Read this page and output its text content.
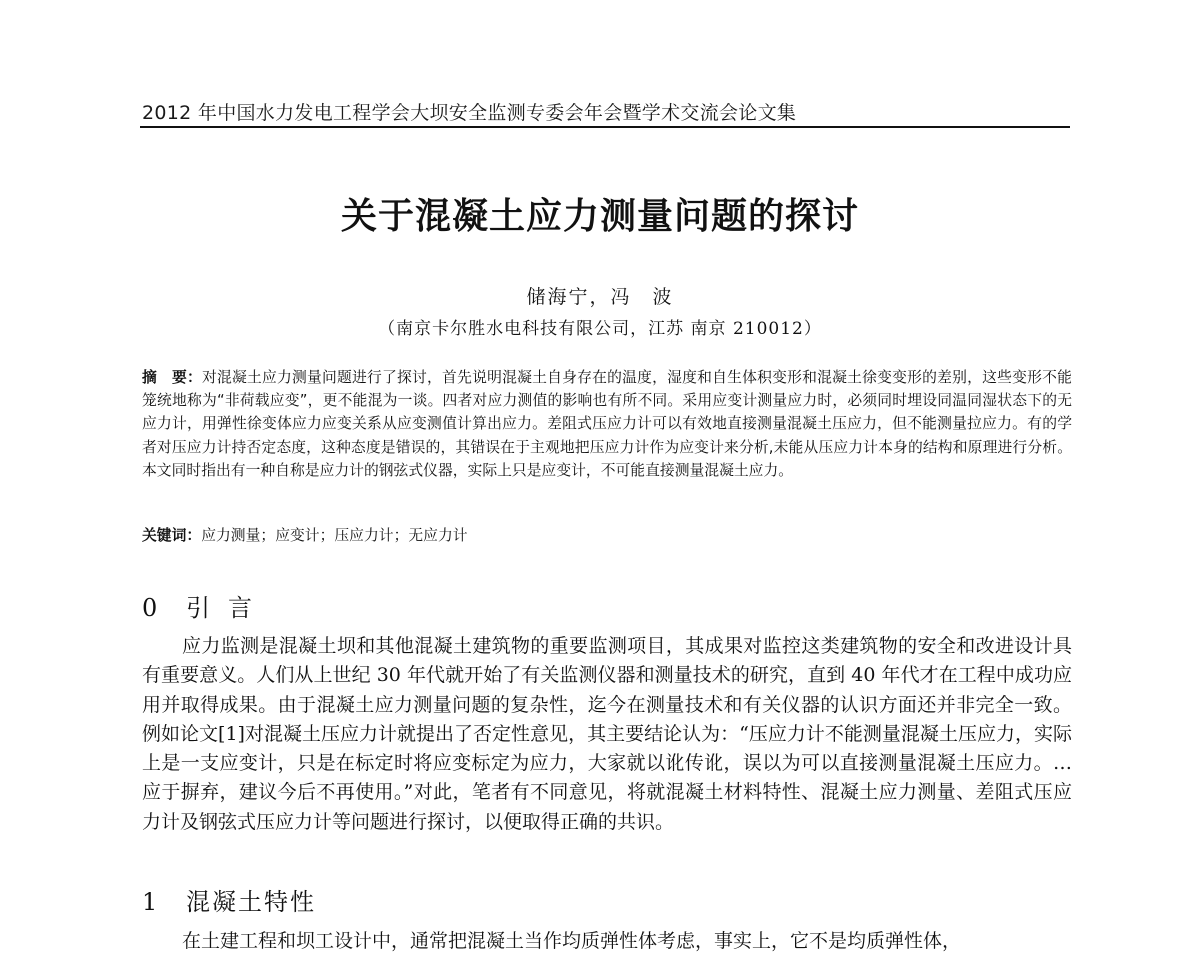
2012 年中国水力发电工程学会大坝安全监测专委会年会暨学术交流会论文集
关于混凝土应力测量问题的探讨
储海宁，冯　波
（南京卡尔胜水电科技有限公司，江苏 南京 210012）
摘　要：对混凝土应力测量问题进行了探讨，首先说明混凝土自身存在的温度，湿度和自生体积变形和混凝土徐变变形的差别，这些变形不能笼统地称为“非荷载应变”，更不能混为一谈。四者对应力测值的影响也有所不同。采用应变计测量应力时，必须同时埋设同温同湿状态下的无应力计，用弹性徐变体应力应变关系从应变测值计算出应力。差阻式压应力计可以有效地直接测量混凝土压应力，但不能测量拉应力。有的学者对压应力计持否定态度，这种态度是错误的，其错误在于主观地把压应力计作为应变计来分析,未能从压应力计本身的结构和原理进行分析。本文同时指出有一种自称是应力计的钢弦式仪器，实际上只是应变计，不可能直接测量混凝土应力。
关键词：应力测量；应变计；压应力计；无应力计
0 引言
应力监测是混凝土坝和其他混凝土建筑物的重要监测项目，其成果对监控这类建筑物的安全和改进设计具有重要意义。人们从上世纪 30 年代就开始了有关监测仪器和测量技术的研究，直到 40 年代才在工程中成功应用并取得成果。由于混凝土应力测量问题的复杂性，迄今在测量技术和有关仪器的认识方面还并非完全一致。例如论文[1]对混凝土压应力计就提出了否定性意见，其主要结论认为：“压应力计不能测量混凝土压应力，实际上是一支应变计，只是在标定时将应变标定为应力，大家就以讹传讹，误以为可以直接测量混凝土压应力。…应于摒弃，建议今后不再使用。”对此，笔者有不同意见，将就混凝土材料特性、混凝土应力测量、差阻式压应力计及钢弦式压应力计等问题进行探讨，以便取得正确的共识。
1 混凝土特性
在土建工程和坝工设计中，通常把混凝土当作均质弹性体考虑，事实上，它不是均质弹性体，
